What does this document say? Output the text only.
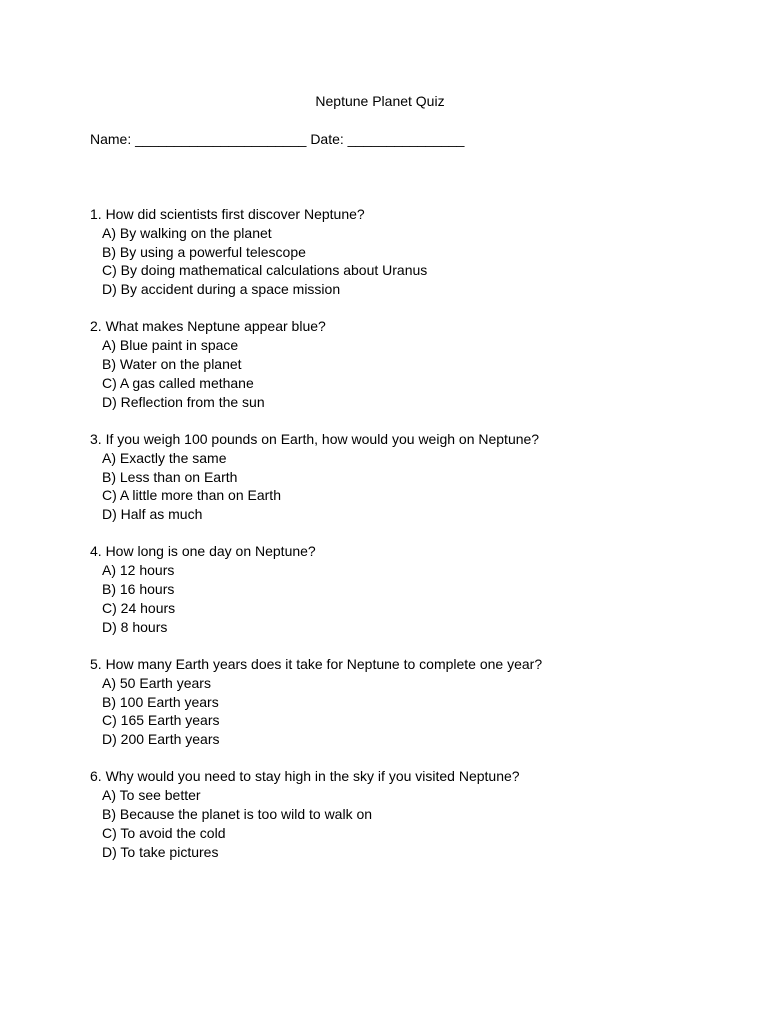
Neptune Planet Quiz
Name: ______________________ Date: _______________
1. How did scientists first discover Neptune?
A) By walking on the planet
B) By using a powerful telescope
C) By doing mathematical calculations about Uranus
D) By accident during a space mission
2. What makes Neptune appear blue?
A) Blue paint in space
B) Water on the planet
C) A gas called methane
D) Reflection from the sun
3. If you weigh 100 pounds on Earth, how would you weigh on Neptune?
A) Exactly the same
B) Less than on Earth
C) A little more than on Earth
D) Half as much
4. How long is one day on Neptune?
A) 12 hours
B) 16 hours
C) 24 hours
D) 8 hours
5. How many Earth years does it take for Neptune to complete one year?
A) 50 Earth years
B) 100 Earth years
C) 165 Earth years
D) 200 Earth years
6. Why would you need to stay high in the sky if you visited Neptune?
A) To see better
B) Because the planet is too wild to walk on
C) To avoid the cold
D) To take pictures
